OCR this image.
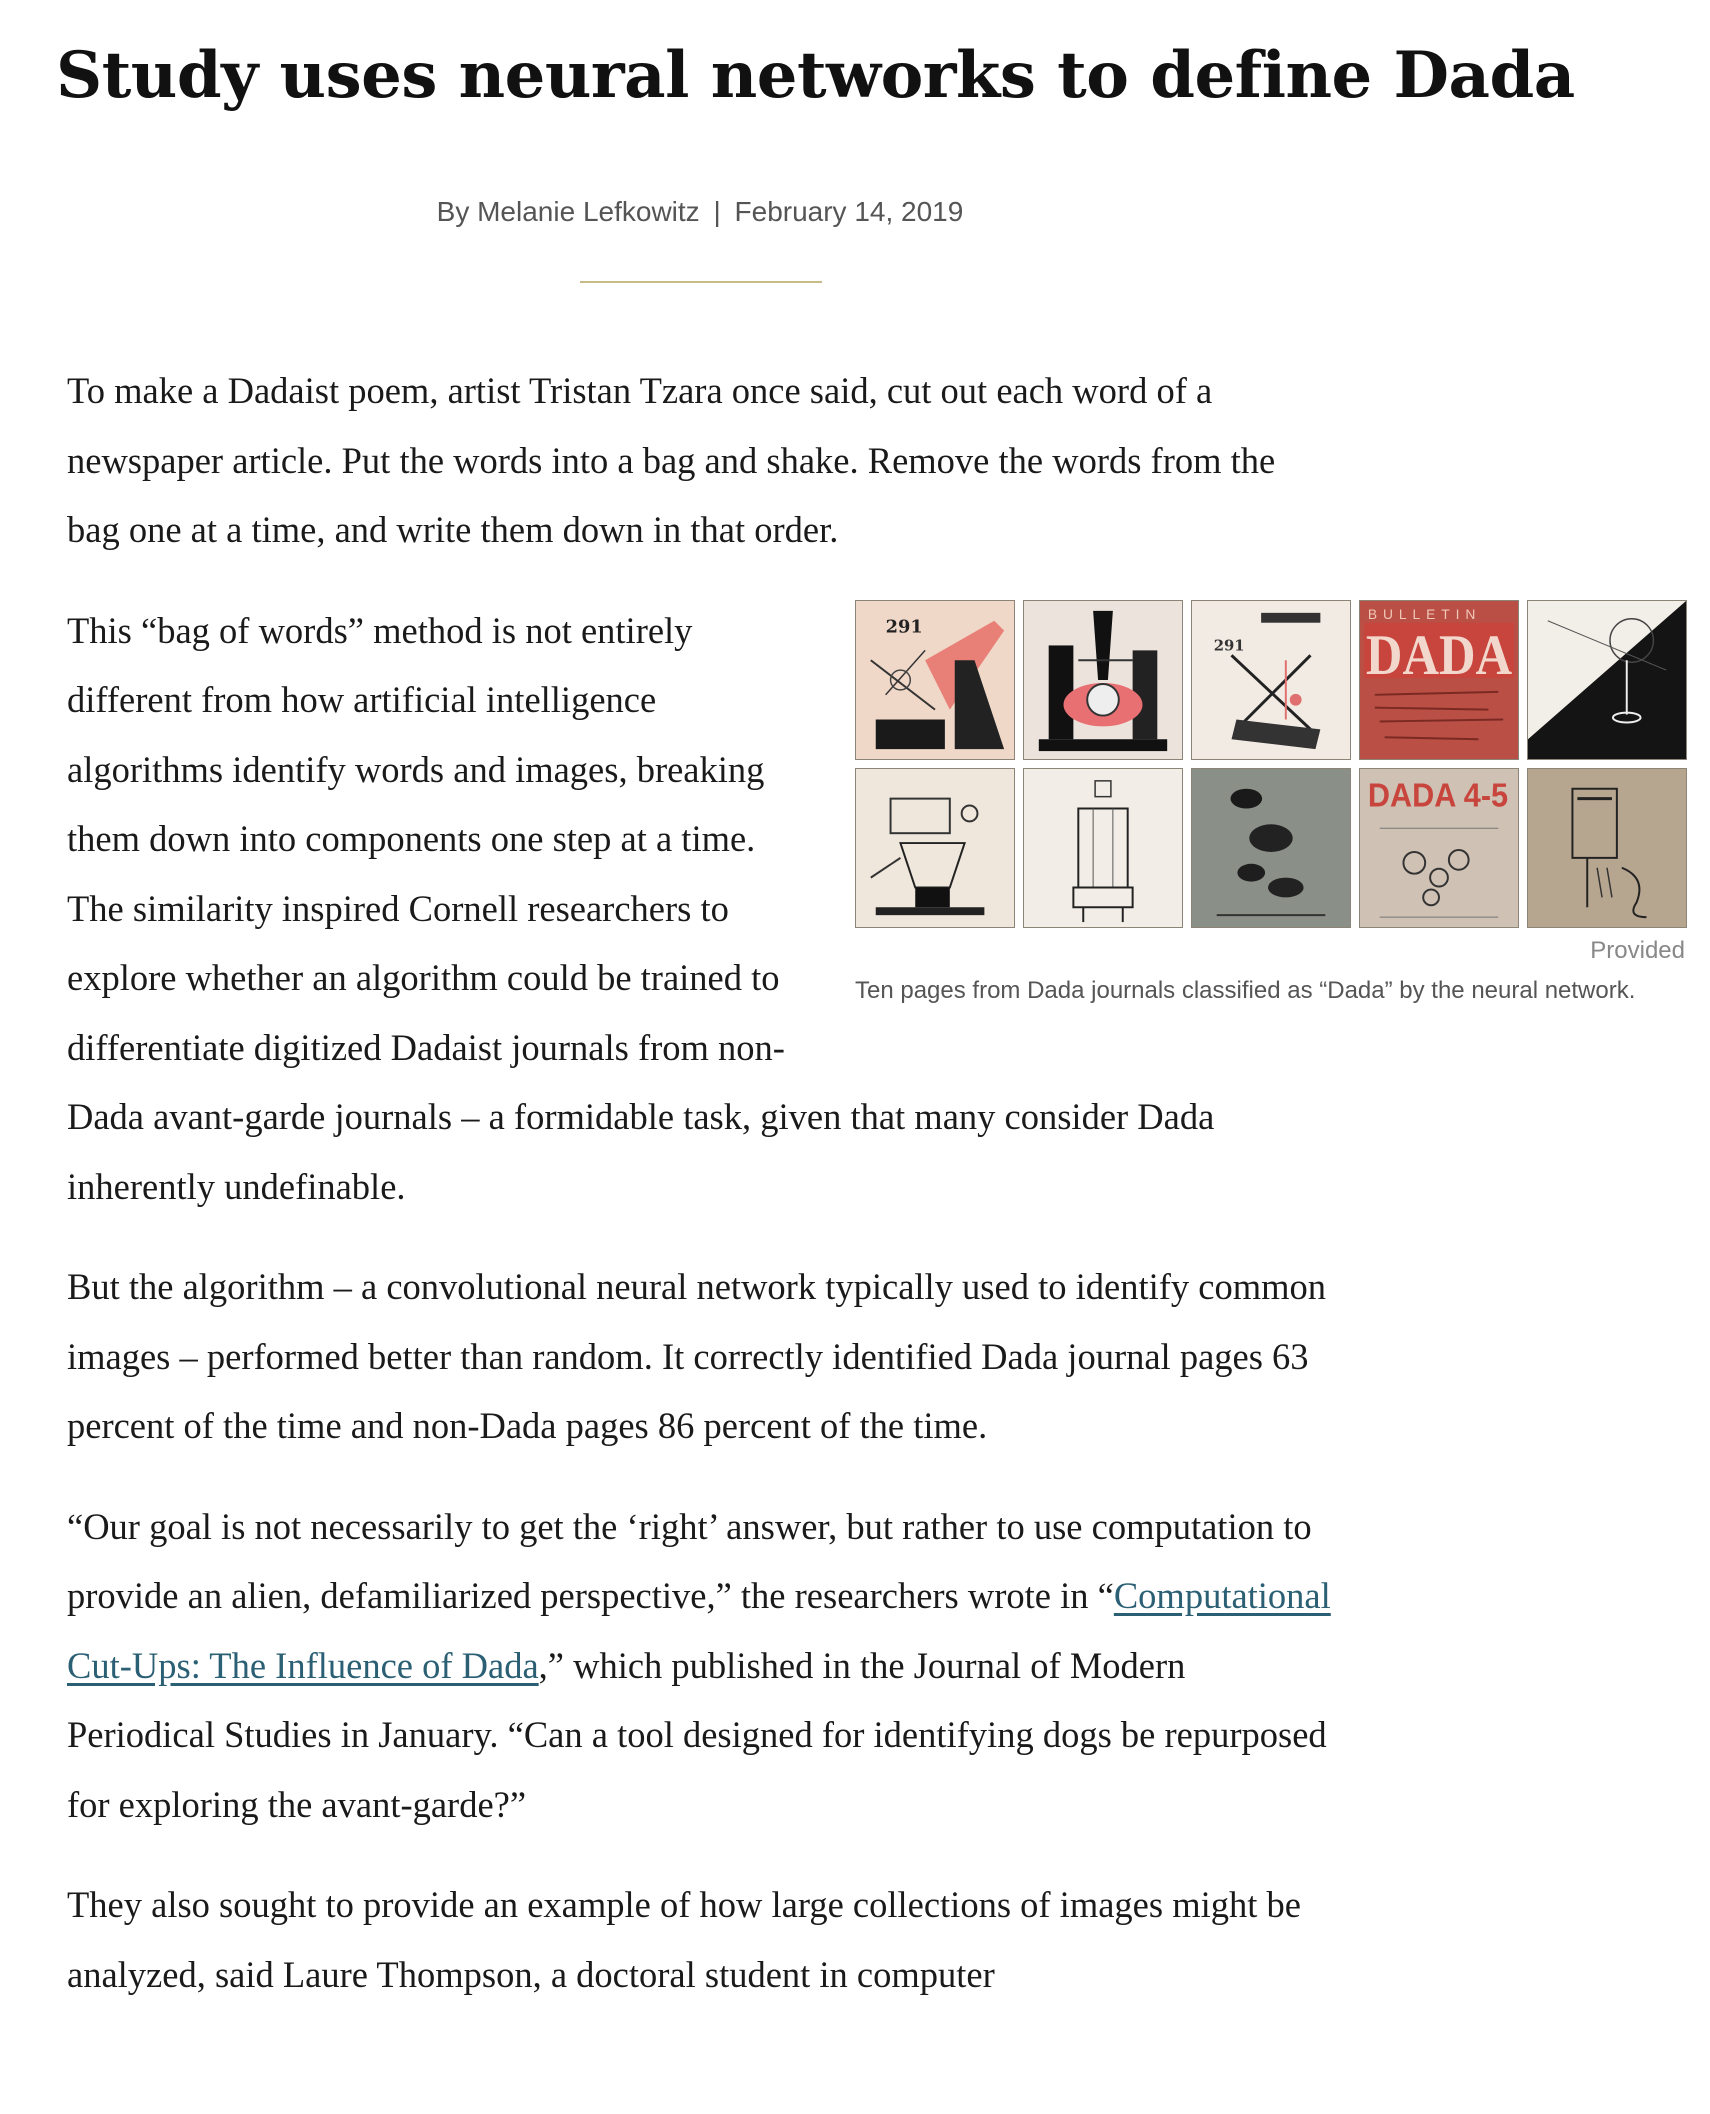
Study uses neural networks to define Dada
By Melanie Lefkowitz | February 14, 2019

To make a Dadaist poem, artist Tristan Tzara once said, cut out each word of a newspaper article. Put the words into a bag and shake. Remove the words from the bag one at a time, and write them down in that order.

291
291
BULLETIN
DADA
DADA 4-5
Provided
Ten pages from Dada journals classified as “Dada” by the neural network.

This “bag of words” method is not entirely different from how artificial intelligence algorithms identify words and images, breaking them down into components one step at a time. The similarity inspired Cornell researchers to explore whether an algorithm could be trained to differentiate digitized Dadaist journals from non-Dada avant-garde journals – a formidable task, given that many consider Dada inherently undefinable.

But the algorithm – a convolutional neural network typically used to identify common images – performed better than random. It correctly identified Dada journal pages 63 percent of the time and non-Dada pages 86 percent of the time.

“Our goal is not necessarily to get the ‘right’ answer, but rather to use computation to provide an alien, defamiliarized perspective,” the researchers wrote in “Computational Cut-Ups: The Influence of Dada,” which published in the Journal of Modern Periodical Studies in January. “Can a tool designed for identifying dogs be repurposed for exploring the avant-garde?”

They also sought to provide an example of how large collections of images might be analyzed, said Laure Thompson, a doctoral student in computer
